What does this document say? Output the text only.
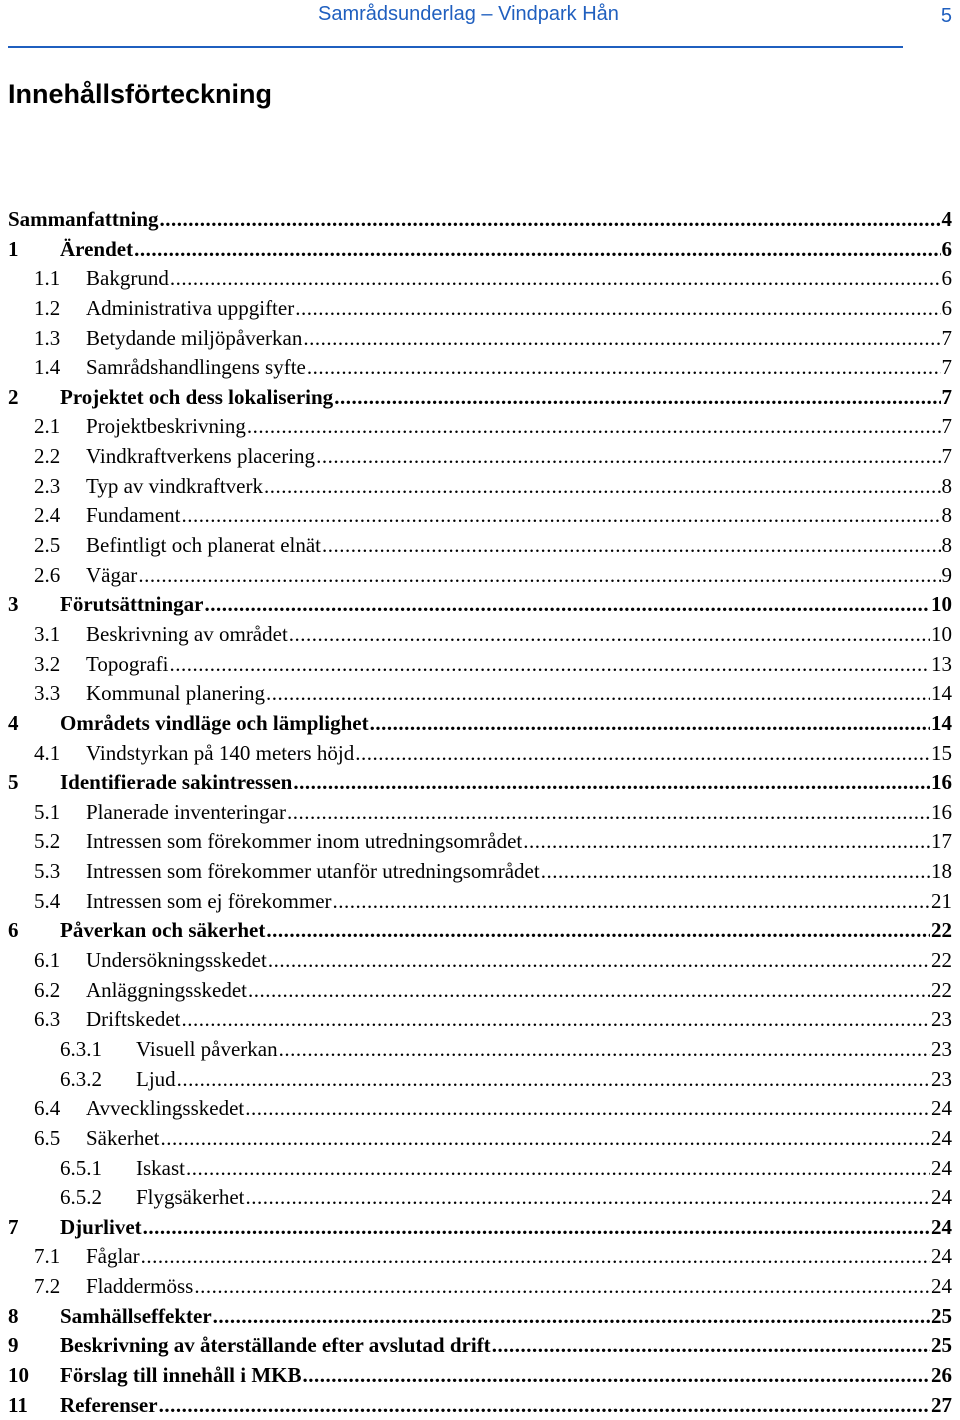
Samrådsunderlag – Vindpark Hån	5
Innehållsförteckning
Sammanfattning .....	4
1	Ärendet .....	6
1.1	Bakgrund .....	6
1.2	Administrativa uppgifter .....	6
1.3	Betydande miljöpåverkan .....	7
1.4	Samrådshandlingens syfte .....	7
2	Projektet och dess lokalisering .....	7
2.1	Projektbeskrivning .....	7
2.2	Vindkraftverkens placering .....	7
2.3	Typ av vindkraftverk .....	8
2.4	Fundament .....	8
2.5	Befintligt och planerat elnät .....	8
2.6	Vägar .....	9
3	Förutsättningar .....	10
3.1	Beskrivning av området .....	10
3.2	Topografi .....	13
3.3	Kommunal planering .....	14
4	Områdets vindläge och lämplighet .....	14
4.1	Vindstyrkan på 140 meters höjd .....	15
5	Identifierade sakintressen .....	16
5.1	Planerade inventeringar .....	16
5.2	Intressen som förekommer inom utredningsområdet .....	17
5.3	Intressen som förekommer utanför utredningsområdet .....	18
5.4	Intressen som ej förekommer .....	21
6	Påverkan och säkerhet .....	22
6.1	Undersökningsskedet .....	22
6.2	Anläggningsskedet .....	22
6.3	Driftskedet .....	23
6.3.1	Visuell påverkan .....	23
6.3.2	Ljud .....	23
6.4	Avvecklingsskedet .....	24
6.5	Säkerhet .....	24
6.5.1	Iskast .....	24
6.5.2	Flygsäkerhet .....	24
7	Djurlivet .....	24
7.1	Fåglar .....	24
7.2	Fladdermöss .....	24
8	Samhällseffekter .....	25
9	Beskrivning av återställande efter avslutad drift .....	25
10	Förslag till innehåll i MKB .....	26
11	Referenser .....	27
